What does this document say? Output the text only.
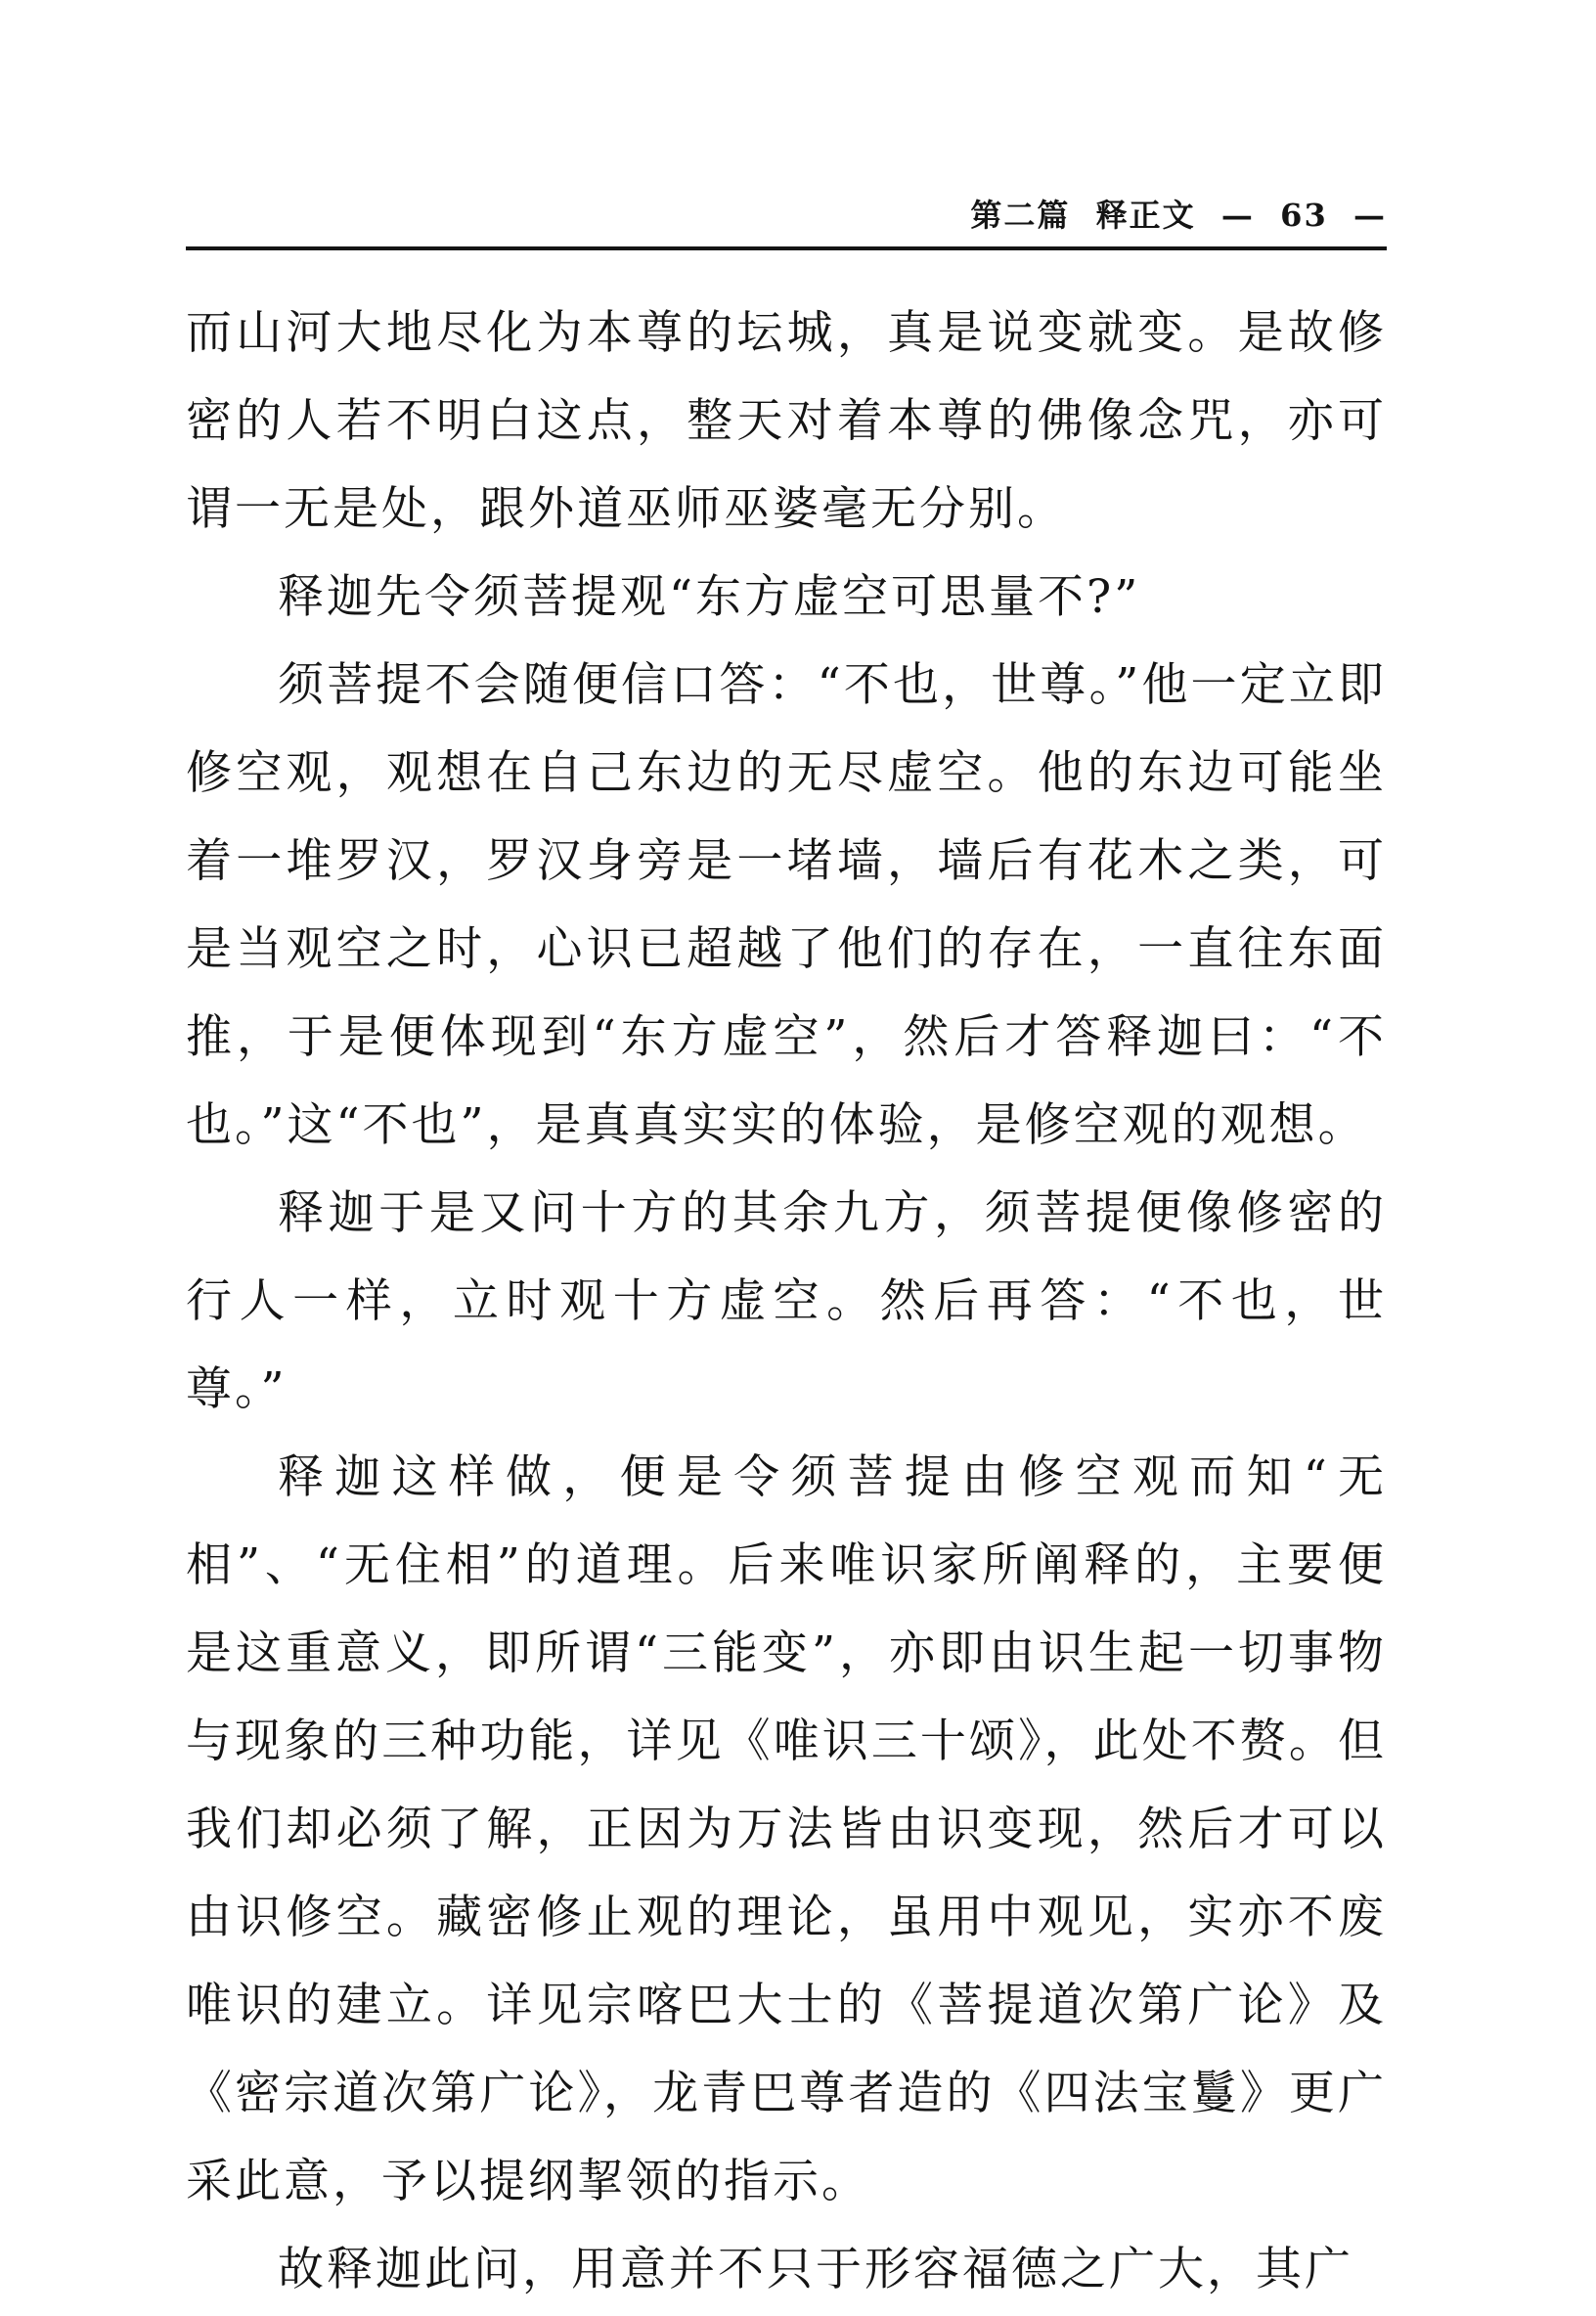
第二篇  释正文  —  63  —

而山河大地尽化为本尊的坛城，真是说变就变。是故修密的人若不明白这点，整天对着本尊的佛像念咒，亦可谓一无是处，跟外道巫师巫婆毫无分别。

释迦先令须菩提观“东方虚空可思量不?”

须菩提不会随便信口答：“不也，世尊。”他一定立即修空观，观想在自己东边的无尽虚空。他的东边可能坐着一堆罗汉，罗汉身旁是一堵墙，墙后有花木之类，可是当观空之时，心识已超越了他们的存在，一直往东面推，于是便体现到“东方虚空”，然后才答释迦曰：“不也。”这“不也”，是真真实实的体验，是修空观的观想。

释迦于是又问十方的其余九方，须菩提便像修密的行人一样，立时观十方虚空。然后再答：“不也，世尊。”

释迦这样做，便是令须菩提由修空观而知“无相”、“无住相”的道理。后来唯识家所阐释的，主要便是这重意义，即所谓“三能变”，亦即由识生起一切事物与现象的三种功能，详见《唯识三十颂》，此处不赘。但我们却必须了解，正因为万法皆由识变现，然后才可以由识修空。藏密修止观的理论，虽用中观见，实亦不废唯识的建立。详见宗喀巴大士的《菩提道次第广论》及《密宗道次第广论》，龙青巴尊者造的《四法宝鬘》更广采此意，予以提纲挈领的指示。

故释迦此问，用意并不只于形容福德之广大，其广
